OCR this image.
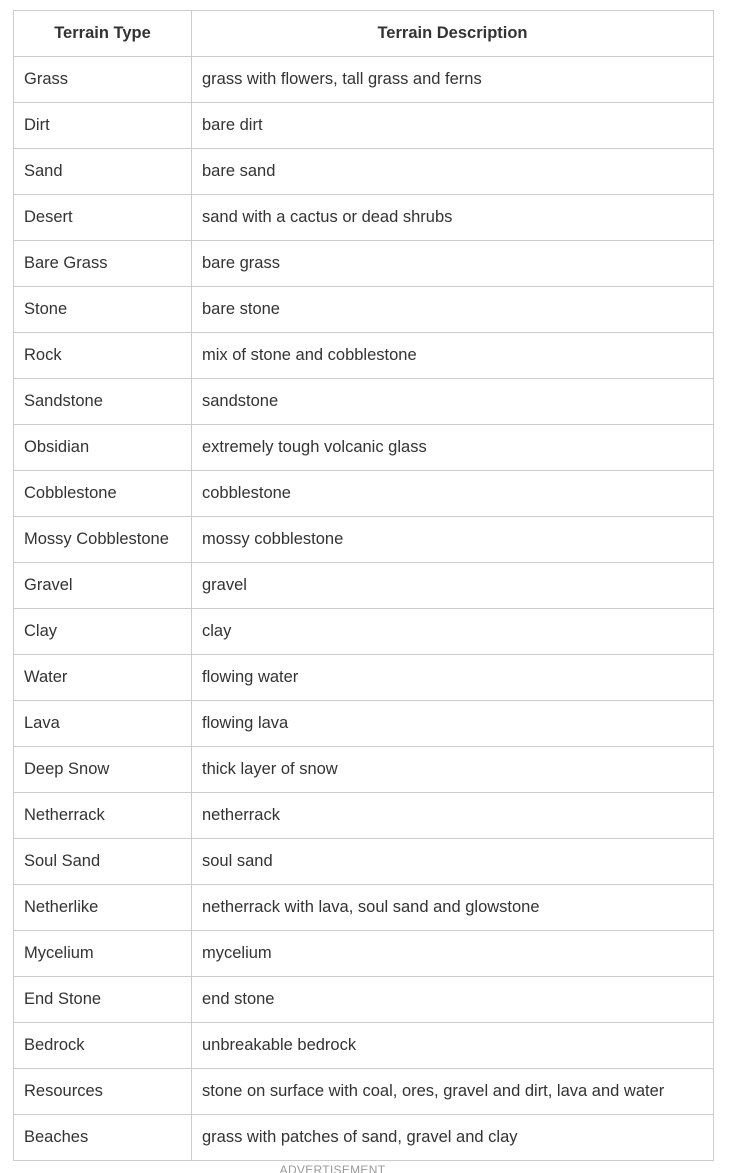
Terrain Type	Terrain Description
Grass	grass with flowers, tall grass and ferns
Dirt	bare dirt
Sand	bare sand
Desert	sand with a cactus or dead shrubs
Bare Grass	bare grass
Stone	bare stone
Rock	mix of stone and cobblestone
Sandstone	sandstone
Obsidian	extremely tough volcanic glass
Cobblestone	cobblestone
Mossy Cobblestone	mossy cobblestone
Gravel	gravel
Clay	clay
Water	flowing water
Lava	flowing lava
Deep Snow	thick layer of snow
Netherrack	netherrack
Soul Sand	soul sand
Netherlike	netherrack with lava, soul sand and glowstone
Mycelium	mycelium
End Stone	end stone
Bedrock	unbreakable bedrock
Resources	stone on surface with coal, ores, gravel and dirt, lava and water
Beaches	grass with patches of sand, gravel and clay
ADVERTISEMENT
